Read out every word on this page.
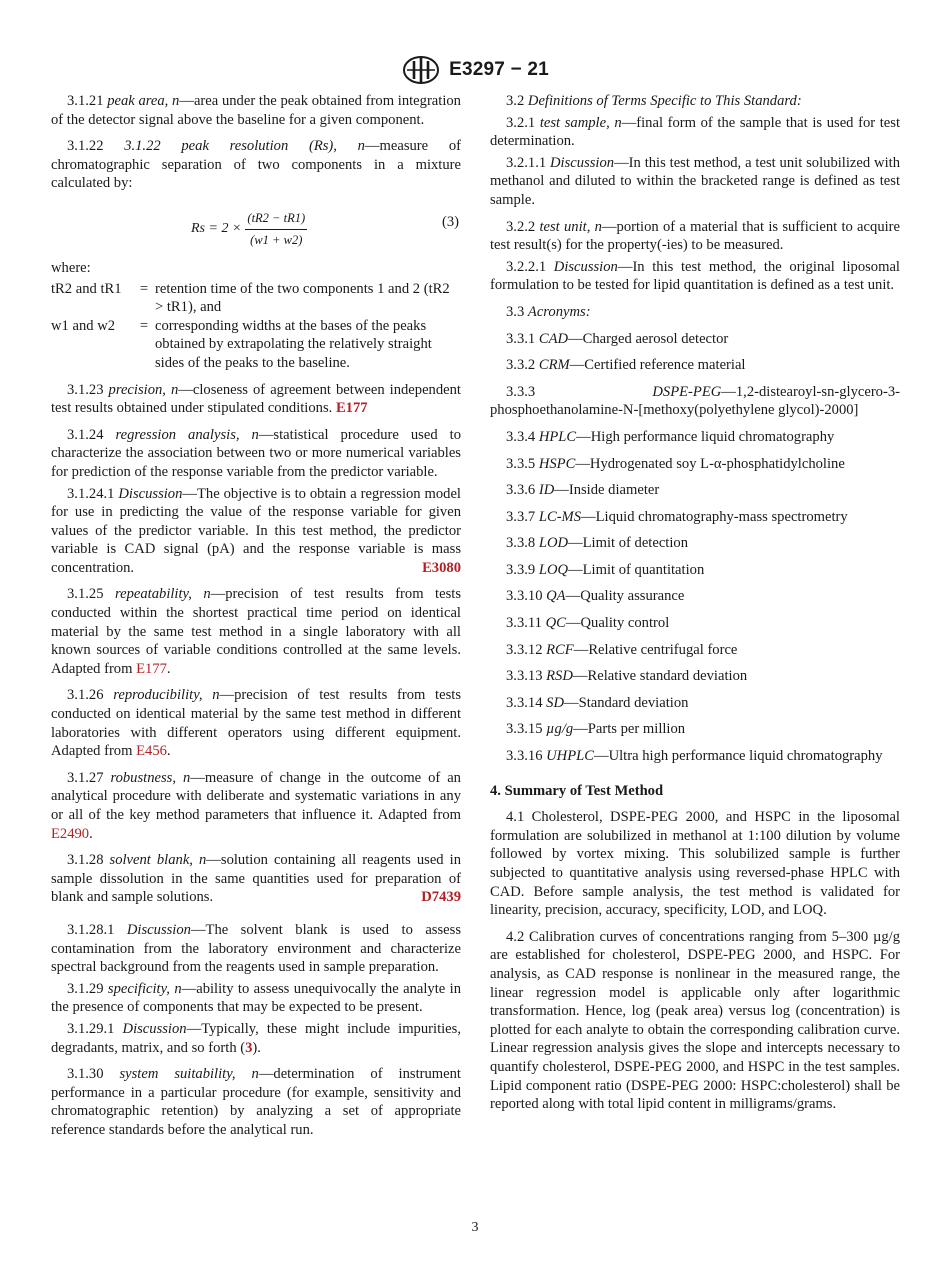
E3297 − 21

3.1.21 peak area, n—area under the peak obtained from integration of the detector signal above the baseline for a given component.

3.1.22 3.1.22 peak resolution (Rs), n—measure of chromatographic separation of two components in a mixture calculated by:

$Rs = 2 \times \frac{(tR2 - tR1)}{(w1 + w2)}$	(3)

where:

tR2 and tR1	= retention time of the two components 1 and 2 (tR2 > tR1), and
w1 and w2	= corresponding widths at the bases of the peaks obtained by extrapolating the relatively straight sides of the peaks to the baseline.

3.1.23 precision, n—closeness of agreement between independent test results obtained under stipulated conditions. E177

3.1.24 regression analysis, n—statistical procedure used to characterize the association between two or more numerical variables for prediction of the response variable from the predictor variable.

3.1.24.1 Discussion—The objective is to obtain a regression model for use in predicting the value of the response variable for given values of the predictor variable. In this test method, the predictor variable is CAD signal (pA) and the response variable is mass concentration.	E3080

3.1.25 repeatability, n—precision of test results from tests conducted within the shortest practical time period on identical material by the same test method in a single laboratory with all known sources of variable conditions controlled at the same levels. Adapted from E177.

3.1.26 reproducibility, n—precision of test results from tests conducted on identical material by the same test method in different laboratories with different operators using different equipment. Adapted from E456.

3.1.27 robustness, n—measure of change in the outcome of an analytical procedure with deliberate and systematic variations in any or all of the key method parameters that influence it. Adapted from E2490.

3.1.28 solvent blank, n—solution containing all reagents used in sample dissolution in the same quantities used for preparation of blank and sample solutions.	D7439

3.1.28.1 Discussion—The solvent blank is used to assess contamination from the laboratory environment and characterize spectral background from the reagents used in sample preparation.

3.1.29 specificity, n—ability to assess unequivocally the analyte in the presence of components that may be expected to be present.

3.1.29.1 Discussion—Typically, these might include impurities, degradants, matrix, and so forth (3).

3.1.30 system suitability, n—determination of instrument performance in a particular procedure (for example, sensitivity and chromatographic retention) by analyzing a set of appropriate reference standards before the analytical run.

3.2 Definitions of Terms Specific to This Standard:

3.2.1 test sample, n—final form of the sample that is used for test determination.

3.2.1.1 Discussion—In this test method, a test unit solubilized with methanol and diluted to within the bracketed range is defined as test sample.

3.2.2 test unit, n—portion of a material that is sufficient to acquire test result(s) for the property(-ies) to be measured.

3.2.2.1 Discussion—In this test method, the original liposomal formulation to be tested for lipid quantitation is defined as a test unit.

3.3 Acronyms:

3.3.1 CAD—Charged aerosol detector

3.3.2 CRM—Certified reference material

3.3.3	DSPE-PEG—1,2-distearoyl-sn-glycero-3-phosphoethanolamine-N-[methoxy(polyethylene glycol)-2000]

3.3.4 HPLC—High performance liquid chromatography

3.3.5 HSPC—Hydrogenated soy L-α-phosphatidylcholine

3.3.6 ID—Inside diameter

3.3.7 LC-MS—Liquid chromatography-mass spectrometry

3.3.8 LOD—Limit of detection

3.3.9 LOQ—Limit of quantitation

3.3.10 QA—Quality assurance

3.3.11 QC—Quality control

3.3.12 RCF—Relative centrifugal force

3.3.13 RSD—Relative standard deviation

3.3.14 SD—Standard deviation

3.3.15 µg/g—Parts per million

3.3.16 UHPLC—Ultra high performance liquid chromatography

4. Summary of Test Method

4.1 Cholesterol, DSPE-PEG 2000, and HSPC in the liposomal formulation are solubilized in methanol at 1:100 dilution by volume followed by vortex mixing. This solubilized sample is further subjected to quantitative analysis using reversed-phase HPLC with CAD. Before sample analysis, the test method is validated for linearity, precision, accuracy, specificity, LOD, and LOQ.

4.2 Calibration curves of concentrations ranging from 5–300 µg/g are established for cholesterol, DSPE-PEG 2000, and HSPC. For analysis, as CAD response is nonlinear in the measured range, the linear regression model is applicable only after logarithmic transformation. Hence, log (peak area) versus log (concentration) is plotted for each analyte to obtain the corresponding calibration curve. Linear regression analysis gives the slope and intercepts necessary to quantify cholesterol, DSPE-PEG 2000, and HSPC in the test samples. Lipid component ratio (DSPE-PEG 2000: HSPC:cholesterol) shall be reported along with total lipid content in milligrams/grams.

3
